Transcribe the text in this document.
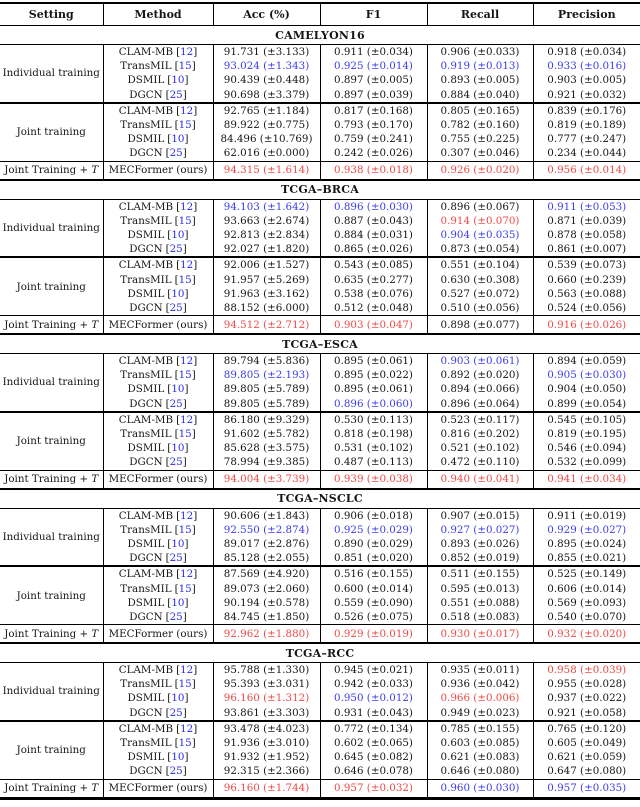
Setting	Method	Acc (%)	F1	Recall	Precision
CAMELYON16					
Individual training	CLAM-MB [12]	91.731 (±3.133)	0.911 (±0.034)	0.906 (±0.033)	0.918 (±0.034)
	TransMIL [15]	93.024 (±1.343)	0.925 (±0.014)	0.919 (±0.013)	0.933 (±0.016)
	DSMIL [10]	90.439 (±0.448)	0.897 (±0.005)	0.893 (±0.005)	0.903 (±0.005)
	DGCN [25]	90.698 (±3.379)	0.897 (±0.039)	0.884 (±0.040)	0.921 (±0.032)
Joint training	CLAM-MB [12]	92.765 (±1.184)	0.817 (±0.168)	0.805 (±0.165)	0.839 (±0.176)
	TransMIL [15]	89.922 (±0.775)	0.793 (±0.170)	0.782 (±0.160)	0.819 (±0.189)
	DSMIL [10]	84.496 (±10.769)	0.759 (±0.241)	0.755 (±0.225)	0.777 (±0.247)
	DGCN [25]	62.016 (±0.000)	0.242 (±0.026)	0.307 (±0.046)	0.234 (±0.044)
Joint Training + T	MECFormer (ours)	94.315 (±1.614)	0.938 (±0.018)	0.926 (±0.020)	0.956 (±0.014)
TCGA–BRCA					
Individual training	CLAM-MB [12]	94.103 (±1.642)	0.896 (±0.030)	0.896 (±0.067)	0.911 (±0.053)
	TransMIL [15]	93.663 (±2.674)	0.887 (±0.043)	0.914 (±0.070)	0.871 (±0.039)
	DSMIL [10]	92.813 (±2.834)	0.884 (±0.031)	0.904 (±0.035)	0.878 (±0.058)
	DGCN [25]	92.027 (±1.820)	0.865 (±0.026)	0.873 (±0.054)	0.861 (±0.007)
Joint training	CLAM-MB [12]	92.006 (±1.527)	0.543 (±0.085)	0.551 (±0.104)	0.539 (±0.073)
	TransMIL [15]	91.957 (±5.269)	0.635 (±0.277)	0.630 (±0.308)	0.660 (±0.239)
	DSMIL [10]	91.963 (±3.162)	0.538 (±0.076)	0.527 (±0.072)	0.563 (±0.088)
	DGCN [25]	88.152 (±6.000)	0.512 (±0.048)	0.510 (±0.056)	0.524 (±0.056)
Joint Training + T	MECFormer (ours)	94.512 (±2.712)	0.903 (±0.047)	0.898 (±0.077)	0.916 (±0.026)
TCGA–ESCA					
Individual training	CLAM-MB [12]	89.794 (±5.836)	0.895 (±0.061)	0.903 (±0.061)	0.894 (±0.059)
	TransMIL [15]	89.805 (±2.193)	0.895 (±0.022)	0.892 (±0.020)	0.905 (±0.030)
	DSMIL [10]	89.805 (±5.789)	0.895 (±0.061)	0.894 (±0.066)	0.904 (±0.050)
	DGCN [25]	89.805 (±5.789)	0.896 (±0.060)	0.896 (±0.064)	0.899 (±0.054)
Joint training	CLAM-MB [12]	86.180 (±9.329)	0.530 (±0.113)	0.523 (±0.117)	0.545 (±0.105)
	TransMIL [15]	91.602 (±5.782)	0.818 (±0.198)	0.816 (±0.202)	0.819 (±0.195)
	DSMIL [10]	85.628 (±3.575)	0.531 (±0.102)	0.521 (±0.102)	0.546 (±0.094)
	DGCN [25]	78.994 (±9.385)	0.487 (±0.113)	0.472 (±0.110)	0.532 (±0.099)
Joint Training + T	MECFormer (ours)	94.004 (±3.739)	0.939 (±0.038)	0.940 (±0.041)	0.941 (±0.034)
TCGA–NSCLC					
Individual training	CLAM-MB [12]	90.606 (±1.843)	0.906 (±0.018)	0.907 (±0.015)	0.911 (±0.019)
	TransMIL [15]	92.550 (±2.874)	0.925 (±0.029)	0.927 (±0.027)	0.929 (±0.027)
	DSMIL [10]	89.017 (±2.876)	0.890 (±0.029)	0.893 (±0.026)	0.895 (±0.024)
	DGCN [25]	85.128 (±2.055)	0.851 (±0.020)	0.852 (±0.019)	0.855 (±0.021)
Joint training	CLAM-MB [12]	87.569 (±4.920)	0.516 (±0.155)	0.511 (±0.155)	0.525 (±0.149)
	TransMIL [15]	89.073 (±2.060)	0.600 (±0.014)	0.595 (±0.013)	0.606 (±0.014)
	DSMIL [10]	90.194 (±0.578)	0.559 (±0.090)	0.551 (±0.088)	0.569 (±0.093)
	DGCN [25]	84.745 (±1.850)	0.526 (±0.075)	0.518 (±0.083)	0.540 (±0.070)
Joint Training + T	MECFormer (ours)	92.962 (±1.880)	0.929 (±0.019)	0.930 (±0.017)	0.932 (±0.020)
TCGA–RCC					
Individual training	CLAM-MB [12]	95.788 (±1.330)	0.945 (±0.021)	0.935 (±0.011)	0.958 (±0.039)
	TransMIL [15]	95.393 (±3.031)	0.942 (±0.033)	0.936 (±0.042)	0.955 (±0.028)
	DSMIL [10]	96.160 (±1.312)	0.950 (±0.012)	0.966 (±0.006)	0.937 (±0.022)
	DGCN [25]	93.861 (±3.303)	0.931 (±0.043)	0.949 (±0.023)	0.921 (±0.058)
Joint training	CLAM-MB [12]	93.478 (±4.023)	0.772 (±0.134)	0.785 (±0.155)	0.765 (±0.120)
	TransMIL [15]	91.936 (±3.010)	0.602 (±0.065)	0.603 (±0.085)	0.605 (±0.049)
	DSMIL [10]	91.932 (±1.952)	0.645 (±0.082)	0.621 (±0.083)	0.621 (±0.059)
	DGCN [25]	92.315 (±2.366)	0.646 (±0.078)	0.646 (±0.080)	0.647 (±0.080)
Joint Training + T	MECFormer (ours)	96.160 (±1.744)	0.957 (±0.032)	0.960 (±0.030)	0.957 (±0.035)
